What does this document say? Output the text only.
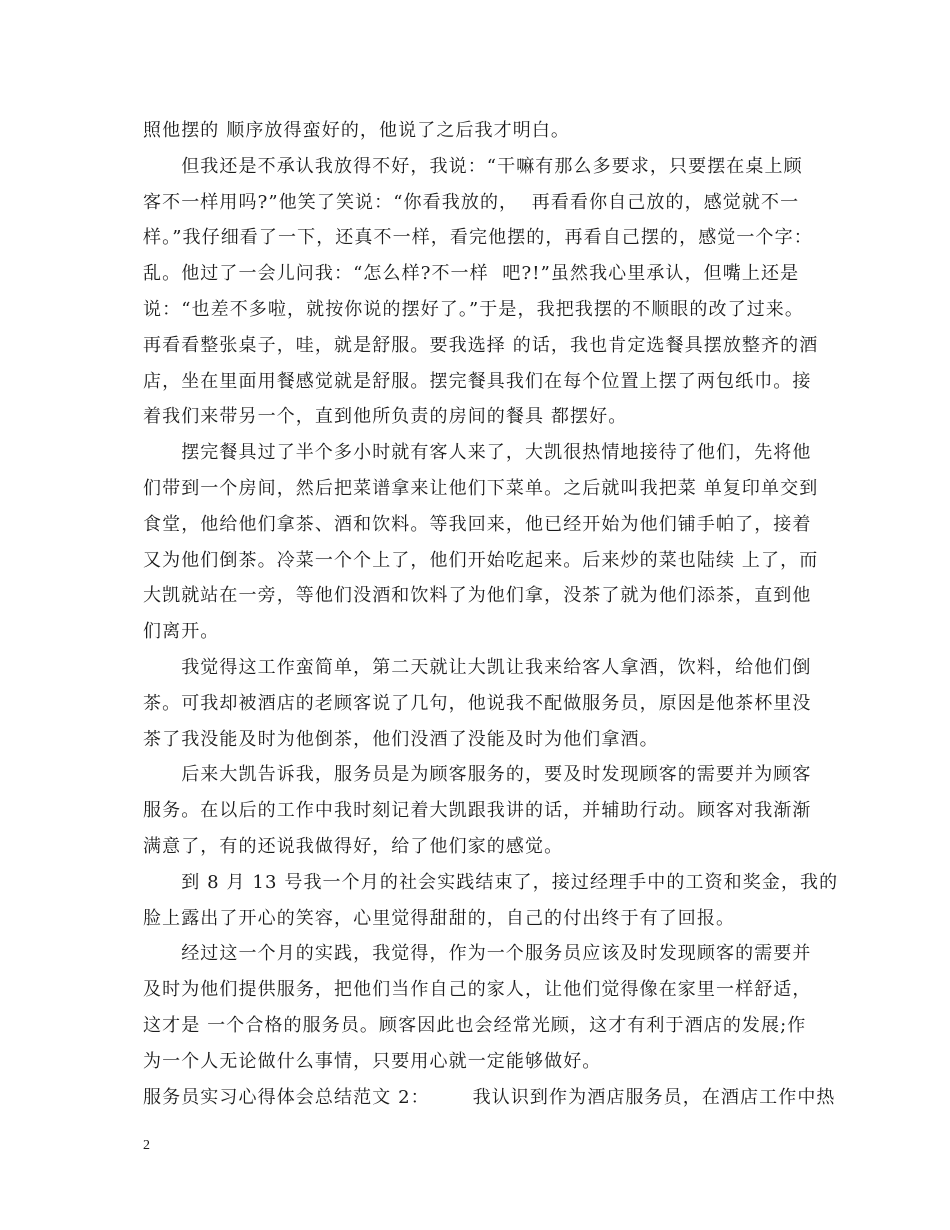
照他摆的 顺序放得蛮好的，他说了之后我才明白。
　　但我还是不承认我放得不好，我说：“干嘛有那么多要求，只要摆在桌上顾
客不一样用吗?”他笑了笑说：“你看我放的，  再看看你自己放的，感觉就不一
样。”我仔细看了一下，还真不一样，看完他摆的，再看自己摆的，感觉一个字：
乱。他过了一会儿问我：“怎么样?不一样  吧?!”虽然我心里承认，但嘴上还是
说：“也差不多啦，就按你说的摆好了。”于是，我把我摆的不顺眼的改了过来。
再看看整张桌子，哇，就是舒服。要我选择 的话，我也肯定选餐具摆放整齐的酒
店，坐在里面用餐感觉就是舒服。摆完餐具我们在每个位置上摆了两包纸巾。接
着我们来带另一个，直到他所负责的房间的餐具 都摆好。
　　摆完餐具过了半个多小时就有客人来了，大凯很热情地接待了他们，先将他
们带到一个房间，然后把菜谱拿来让他们下菜单。之后就叫我把菜 单复印单交到
食堂，他给他们拿茶、酒和饮料。等我回来，他已经开始为他们铺手帕了，接着
又为他们倒茶。冷菜一个个上了，他们开始吃起来。后来炒的菜也陆续 上了，而
大凯就站在一旁，等他们没酒和饮料了为他们拿，没茶了就为他们添茶，直到他
们离开。
　　我觉得这工作蛮简单，第二天就让大凯让我来给客人拿酒，饮料，给他们倒
茶。可我却被酒店的老顾客说了几句，他说我不配做服务员，原因是他茶杯里没
茶了我没能及时为他倒茶，他们没酒了没能及时为他们拿酒。
　　后来大凯告诉我，服务员是为顾客服务的，要及时发现顾客的需要并为顾客
服务。在以后的工作中我时刻记着大凯跟我讲的话，并辅助行动。顾客对我渐渐
满意了，有的还说我做得好，给了他们家的感觉。
　　到 8 月 13 号我一个月的社会实践结束了，接过经理手中的工资和奖金，我的
脸上露出了开心的笑容，心里觉得甜甜的，自己的付出终于有了回报。
　　经过这一个月的实践，我觉得，作为一个服务员应该及时发现顾客的需要并
及时为他们提供服务，把他们当作自己的家人，让他们觉得像在家里一样舒适，
这才是 一个合格的服务员。顾客因此也会经常光顾，这才有利于酒店的发展;作
为一个人无论做什么事情，只要用心就一定能够做好。
服务员实习心得体会总结范文 2：　　  我认识到作为酒店服务员，在酒店工作中热
2
